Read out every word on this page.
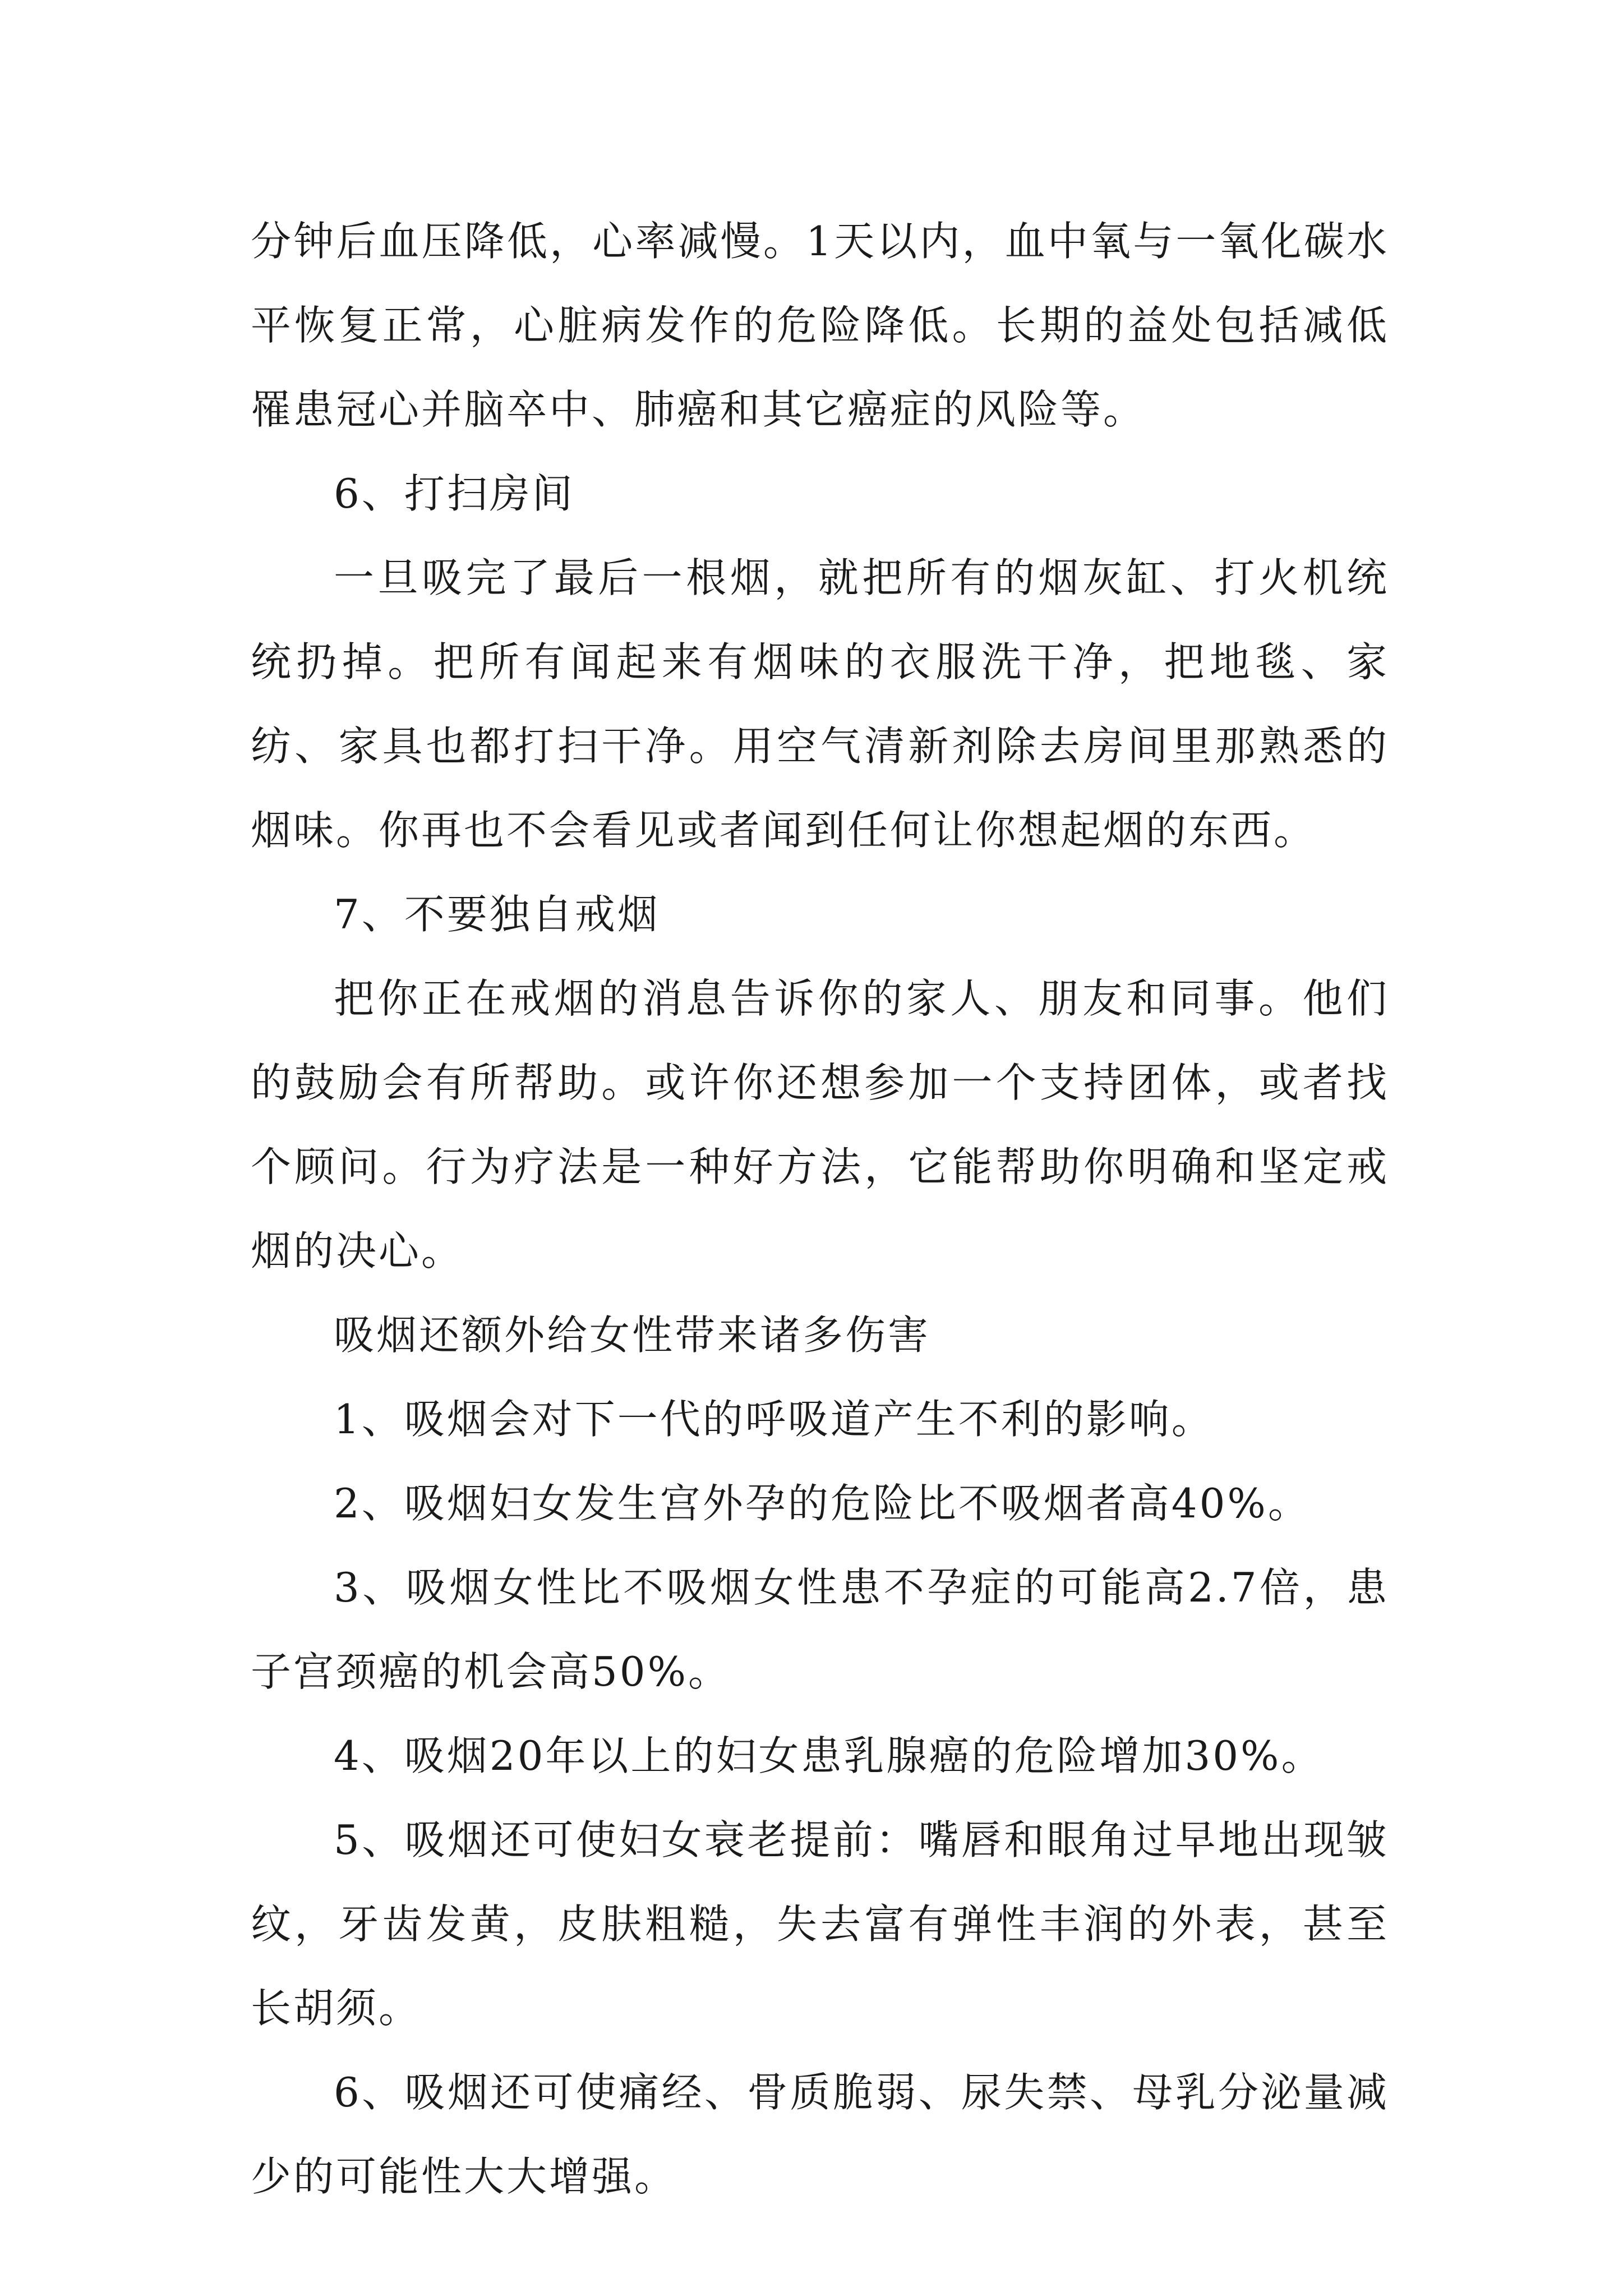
分钟后血压降低，心率减慢。1天以内，血中氧与一氧化碳水平恢复正常，心脏病发作的危险降低。长期的益处包括减低罹患冠心并脑卒中、肺癌和其它癌症的风险等。

6、打扫房间

一旦吸完了最后一根烟，就把所有的烟灰缸、打火机统统扔掉。把所有闻起来有烟味的衣服洗干净，把地毯、家纺、家具也都打扫干净。用空气清新剂除去房间里那熟悉的烟味。你再也不会看见或者闻到任何让你想起烟的东西。

7、不要独自戒烟

把你正在戒烟的消息告诉你的家人、朋友和同事。他们的鼓励会有所帮助。或许你还想参加一个支持团体，或者找个顾问。行为疗法是一种好方法，它能帮助你明确和坚定戒烟的决心。

吸烟还额外给女性带来诸多伤害

1、吸烟会对下一代的呼吸道产生不利的影响。

2、吸烟妇女发生宫外孕的危险比不吸烟者高40%。

3、吸烟女性比不吸烟女性患不孕症的可能高2.7倍，患子宫颈癌的机会高50%。

4、吸烟20年以上的妇女患乳腺癌的危险增加30%。

5、吸烟还可使妇女衰老提前：嘴唇和眼角过早地出现皱纹，牙齿发黄，皮肤粗糙，失去富有弹性丰润的外表，甚至长胡须。

6、吸烟还可使痛经、骨质脆弱、尿失禁、母乳分泌量减少的可能性大大增强。
